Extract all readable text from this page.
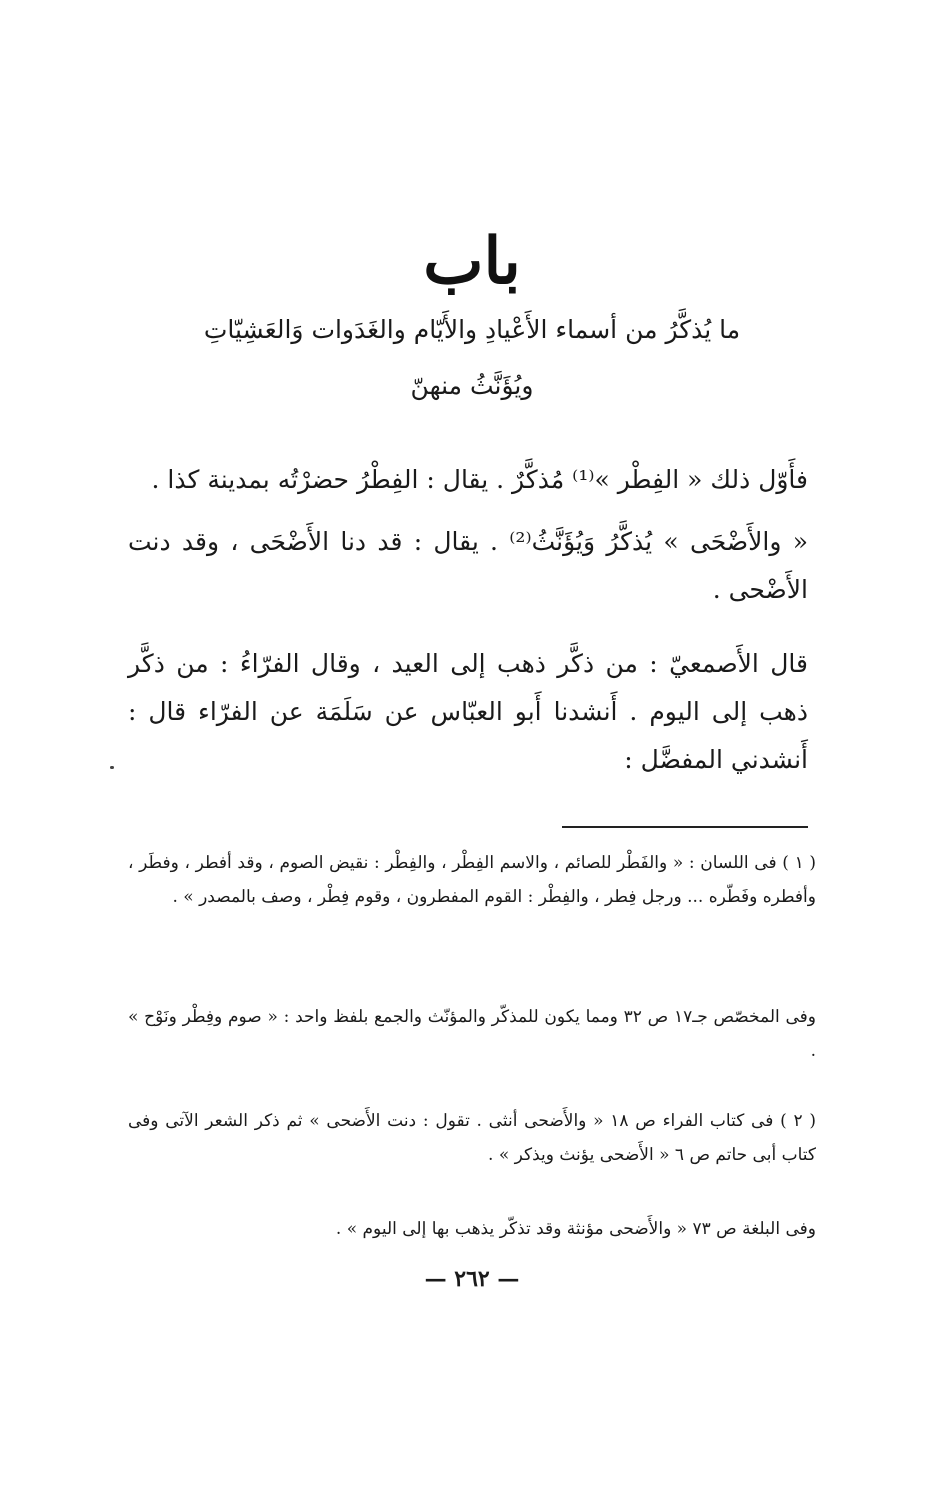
باب
ما يُذكَّرُ من أسماء الأَعْيادِ والأَيّام والغَدَوات وَالعَشِيّاتِ
ويُؤَنَّثُ منهنّ

فأَوّل ذلك « الفِطْر »⁽¹⁾ مُذكَّرٌ . يقال : الفِطْرُ حضرْتُه بمدينة كذا .

« والأَضْحَى » يُذكَّرُ وَيُؤَنَّثُ⁽²⁾ . يقال : قد دنا الأَضْحَى ، وقد دنت الأَضْحى .

قال الأَصمعيّ : من ذكَّر ذهب إلى العيد ، وقال الفرّاءُ : من ذكَّر ذهب إلى اليوم . أَنشدنا أَبو العبّاس عن سَلَمَة عن الفرّاء قال : أَنشدني المفضَّل :

( ١ ) فى اللسان : « والفَطْر للصائم ، والاسم الفِطْر ، والفِطْر : نقيض الصوم ، وقد أفطر ، وفطَر ، وأفطره وفَطّره ... ورجل فِطر ، والفِطْر : القوم المفطرون ، وقوم فِطْر ، وصف بالمصدر » .

وفى المخصّص جـ١٧ ص ٣٢ ومما يكون للمذكّر والمؤنّث والجمع بلفظ واحد : « صوم وفِطْر ونَوْح » .

( ٢ ) فى كتاب الفراء ص ١٨ « والأَضحى أنثى . تقول : دنت الأَضحى » ثم ذكر الشعر الآتى وفى كتاب أبى حاتم ص ٦ « الأَضحى يؤنث ويذكر » .

وفى البلغة ص ٧٣ « والأَضحى مؤنثة وقد تذكّر يذهب بها إلى اليوم » .

— ٢٦٢ —
